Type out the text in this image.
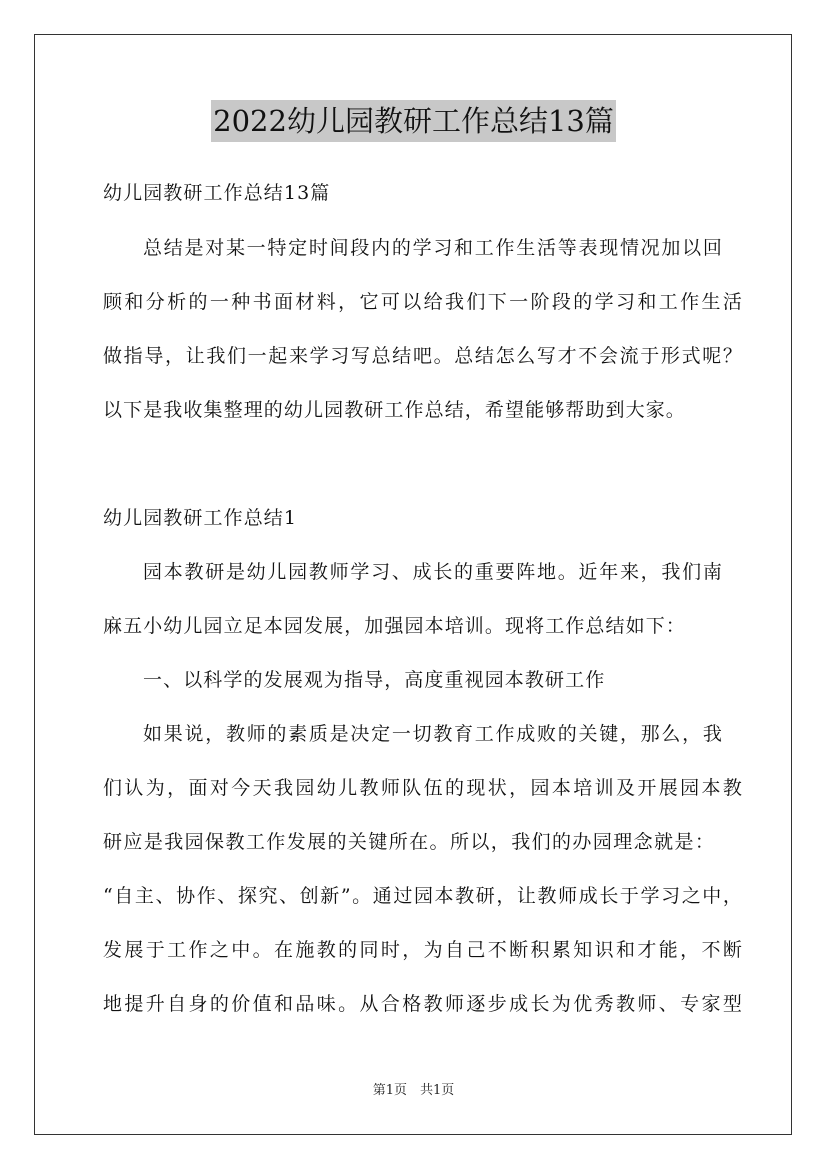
2022幼儿园教研工作总结13篇
幼儿园教研工作总结13篇
总结是对某一特定时间段内的学习和工作生活等表现情况加以回
顾和分析的一种书面材料，它可以给我们下一阶段的学习和工作生活
做指导，让我们一起来学习写总结吧。总结怎么写才不会流于形式呢？
以下是我收集整理的幼儿园教研工作总结，希望能够帮助到大家。
幼儿园教研工作总结1
园本教研是幼儿园教师学习、成长的重要阵地。近年来，我们南
麻五小幼儿园立足本园发展，加强园本培训。现将工作总结如下：
一、以科学的发展观为指导，高度重视园本教研工作
如果说，教师的素质是决定一切教育工作成败的关键，那么，我
们认为，面对今天我园幼儿教师队伍的现状，园本培训及开展园本教
研应是我园保教工作发展的关键所在。所以，我们的办园理念就是：
“自主、协作、探究、创新”。通过园本教研，让教师成长于学习之中，
发展于工作之中。在施教的同时，为自己不断积累知识和才能，不断
地提升自身的价值和品味。从合格教师逐步成长为优秀教师、专家型
第1页　共1页
